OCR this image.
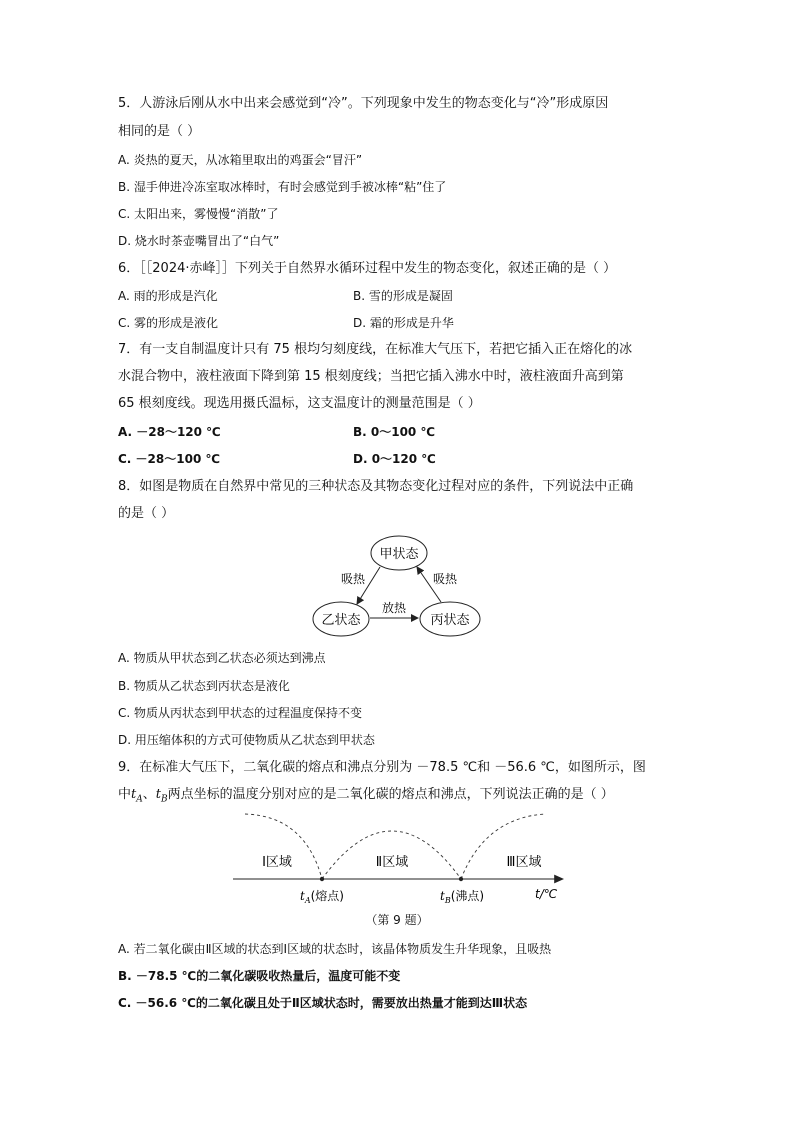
5．人游泳后刚从水中出来会感觉到“冷”。下列现象中发生的物态变化与“冷”形成原因
相同的是（ ）
A. 炎热的夏天，从冰箱里取出的鸡蛋会“冒汗”
B. 湿手伸进冷冻室取冰棒时，有时会感觉到手被冰棒“粘”住了
C. 太阳出来，雾慢慢“消散”了
D. 烧水时茶壶嘴冒出了“白气”
6．［［2024·赤峰］］下列关于自然界水循环过程中发生的物态变化，叙述正确的是（ ）
A. 雨的形成是汽化	B. 雪的形成是凝固
C. 雾的形成是液化	D. 霜的形成是升华
7．有一支自制温度计只有 75 根均匀刻度线，在标准大气压下，若把它插入正在熔化的冰
水混合物中，液柱液面下降到第 15 根刻度线；当把它插入沸水中时，液柱液面升高到第
65 根刻度线。现选用摄氏温标，这支温度计的测量范围是（ ）
A. －28～120 ℃	B. 0～100 ℃
C. －28～100 ℃	D. 0～120 ℃
8．如图是物质在自然界中常见的三种状态及其物态变化过程对应的条件，下列说法中正确
的是（ ）
甲状态
乙状态	丙状态
吸热	吸热
放热
A. 物质从甲状态到乙状态必须达到沸点
B. 物质从乙状态到丙状态是液化
C. 物质从丙状态到甲状态的过程温度保持不变
D. 用压缩体积的方式可使物质从乙状态到甲状态
9．在标准大气压下，二氧化碳的熔点和沸点分别为 －78.5 ℃和 －56.6 ℃，如图所示，图
中$t_A$、$t_B$两点坐标的温度分别对应的是二氧化碳的熔点和沸点，下列说法正确的是（ ）
Ⅰ区域	Ⅱ区域	Ⅲ区域
$t_A$(熔点)	$t_B$(沸点)	t/℃
（第 9 题）
A. 若二氧化碳由Ⅱ区域的状态到Ⅰ区域的状态时，该晶体物质发生升华现象，且吸热
B. －78.5 ℃的二氧化碳吸收热量后，温度可能不变
C. －56.6 ℃的二氧化碳且处于Ⅱ区域状态时，需要放出热量才能到达Ⅲ状态
